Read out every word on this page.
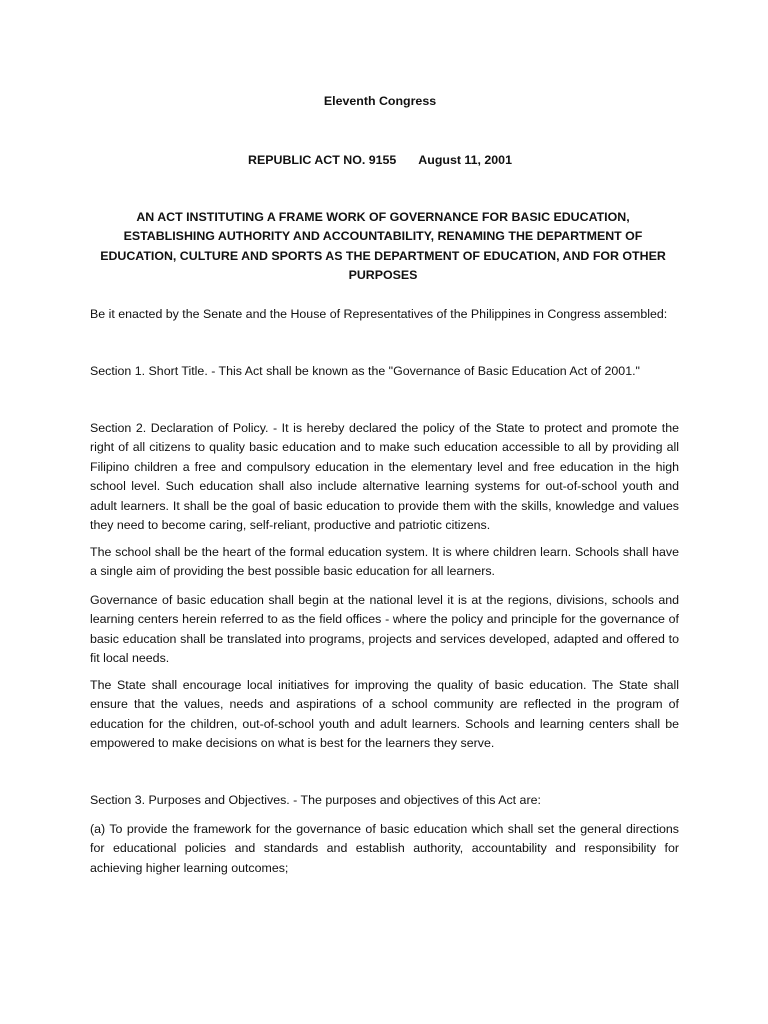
Eleventh Congress

REPUBLIC ACT NO. 9155 August 11, 2001

AN ACT INSTITUTING A FRAME WORK OF GOVERNANCE FOR BASIC EDUCATION, ESTABLISHING AUTHORITY AND ACCOUNTABILITY, RENAMING THE DEPARTMENT OF EDUCATION, CULTURE AND SPORTS AS THE DEPARTMENT OF EDUCATION, AND FOR OTHER PURPOSES

Be it enacted by the Senate and the House of Representatives of the Philippines in Congress assembled:

Section 1. Short Title. - This Act shall be known as the "Governance of Basic Education Act of 2001."

Section 2. Declaration of Policy. - It is hereby declared the policy of the State to protect and promote the right of all citizens to quality basic education and to make such education accessible to all by providing all Filipino children a free and compulsory education in the elementary level and free education in the high school level. Such education shall also include alternative learning systems for out-of-school youth and adult learners. It shall be the goal of basic education to provide them with the skills, knowledge and values they need to become caring, self-reliant, productive and patriotic citizens.

The school shall be the heart of the formal education system. It is where children learn. Schools shall have a single aim of providing the best possible basic education for all learners.

Governance of basic education shall begin at the national level it is at the regions, divisions, schools and learning centers herein referred to as the field offices - where the policy and principle for the governance of basic education shall be translated into programs, projects and services developed, adapted and offered to fit local needs.

The State shall encourage local initiatives for improving the quality of basic education. The State shall ensure that the values, needs and aspirations of a school community are reflected in the program of education for the children, out-of-school youth and adult learners. Schools and learning centers shall be empowered to make decisions on what is best for the learners they serve.

Section 3. Purposes and Objectives. - The purposes and objectives of this Act are:

(a) To provide the framework for the governance of basic education which shall set the general directions for educational policies and standards and establish authority, accountability and responsibility for achieving higher learning outcomes;
